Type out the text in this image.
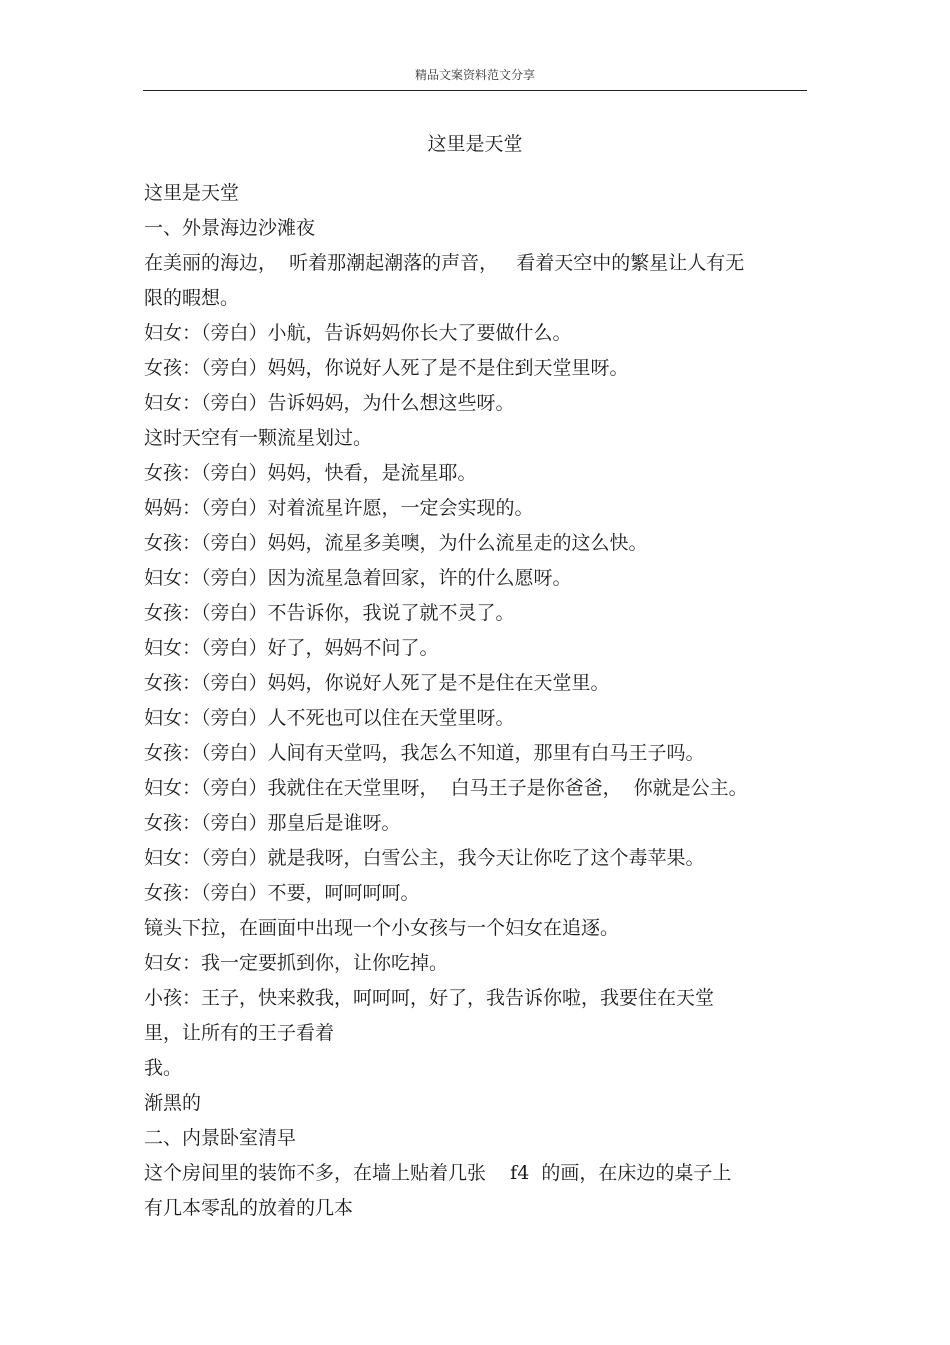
精品文案资料范文分享
这里是天堂
这里是天堂
一、外景海边沙滩夜
在美丽的海边，  听着那潮起潮落的声音，   看着天空中的繁星让人有无
限的暇想。
妇女：（旁白）小航，告诉妈妈你长大了要做什么。
女孩：（旁白）妈妈，你说好人死了是不是住到天堂里呀。
妇女：（旁白）告诉妈妈，为什么想这些呀。
这时天空有一颗流星划过。
女孩：（旁白）妈妈，快看，是流星耶。
妈妈：（旁白）对着流星许愿，一定会实现的。
女孩：（旁白）妈妈，流星多美噢，为什么流星走的这么快。
妇女：（旁白）因为流星急着回家，许的什么愿呀。
女孩：（旁白）不告诉你，我说了就不灵了。
妇女：（旁白）好了，妈妈不问了。
女孩：（旁白）妈妈，你说好人死了是不是住在天堂里。
妇女：（旁白）人不死也可以住在天堂里呀。
女孩：（旁白）人间有天堂吗，我怎么不知道，那里有白马王子吗。
妇女：（旁白）我就住在天堂里呀，  白马王子是你爸爸，  你就是公主。
女孩：（旁白）那皇后是谁呀。
妇女：（旁白）就是我呀，白雪公主，我今天让你吃了这个毒苹果。
女孩：（旁白）不要，呵呵呵呵。
镜头下拉，在画面中出现一个小女孩与一个妇女在追逐。
妇女：我一定要抓到你，让你吃掉。
小孩：王子，快来救我，呵呵呵，好了，我告诉你啦，我要住在天堂
里，让所有的王子看着
我。
渐黑的
二、内景卧室清早
这个房间里的装饰不多，在墙上贴着几张    f4  的画，在床边的桌子上
有几本零乱的放着的几本
